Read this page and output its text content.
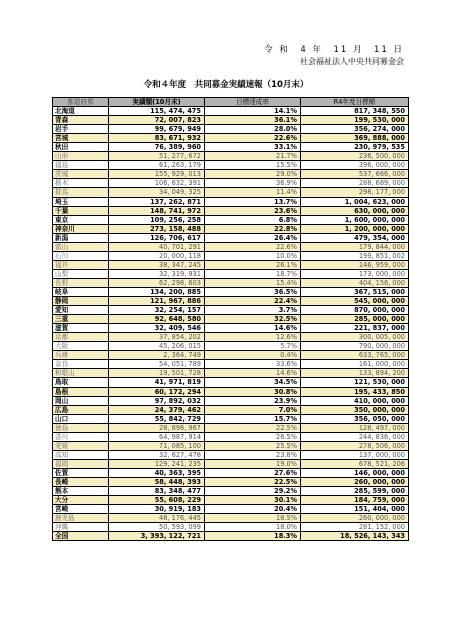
令 和　4 年　11 月　11 日
社会福祉法人中央共同募金会
令和４年度　共同募金実績速報（10月末）
都道府県	実績額(10月末)	目標達成率	R4年度目標額
北海道	115, 474, 475	14.1%	817, 348, 550
青森	72, 007, 823	36.1%	199, 530, 000
岩手	99, 679, 949	28.0%	356, 274, 000
宮城	83, 671, 932	22.6%	369, 888, 000
秋田	76, 389, 960	33.1%	230, 979, 535
山形	51, 277, 672	21.7%	236, 500, 000
福島	61, 263, 179	15.5%	396, 000, 000
茨城	155, 929, 013	29.0%	537, 666, 000
栃木	106, 632, 391	36.9%	288, 689, 000
群馬	34, 049, 325	11.4%	298, 177, 000
埼玉	137, 262, 871	13.7%	1, 004, 623, 000
千葉	148, 741, 972	23.6%	630, 000, 000
東京	109, 256, 258	6.8%	1, 600, 000, 000
神奈川	273, 158, 488	22.8%	1, 200, 000, 000
新潟	126, 706, 617	26.4%	479, 354, 000
富山	40, 701, 291	22.6%	179, 844, 000
石川	20, 000, 118	10.0%	199, 851, 002
福井	38, 347, 245	26.1%	146, 959, 000
山梨	32, 319, 931	18.7%	173, 000, 000
長野	62, 298, 603	15.4%	404, 156, 000
岐阜	134, 200, 885	36.5%	367, 515, 000
静岡	121, 967, 886	22.4%	545, 000, 000
愛知	32, 254, 157	3.7%	870, 000, 000
三重	92, 648, 580	32.5%	285, 000, 000
滋賀	32, 409, 546	14.6%	221, 837, 000
京都	37, 854, 202	12.6%	300, 005, 000
大阪	45, 206, 015	5.7%	790, 000, 000
兵庫	2, 364, 749	0.4%	633, 765, 000
奈良	54, 051, 789	33.6%	161, 000, 000
和歌山	19, 501, 728	14.6%	133, 894, 200
鳥取	41, 971, 819	34.5%	121, 530, 000
島根	60, 172, 294	30.8%	195, 433, 850
岡山	97, 892, 032	23.9%	410, 000, 000
広島	24, 379, 462	7.0%	350, 000, 000
山口	55, 842, 729	15.7%	356, 050, 000
徳島	28, 896, 967	22.5%	128, 497, 000
香川	64, 987, 914	26.5%	244, 836, 000
愛媛	71, 085, 100	25.5%	278, 506, 000
高知	32, 627, 478	23.8%	137, 000, 000
福岡	129, 241, 235	19.0%	678, 521, 206
佐賀	40, 363, 395	27.6%	146, 000, 000
長崎	58, 448, 393	22.5%	260, 000, 000
熊本	83, 348, 477	29.2%	285, 599, 000
大分	55, 608, 229	30.1%	184, 759, 000
宮崎	30, 919, 183	20.4%	151, 404, 000
鹿児島	48, 176, 445	18.5%	260, 000, 000
沖縄	50, 593, 099	18.0%	281, 152, 000
全国	3, 393, 122, 721	18.3%	18, 526, 143, 343
